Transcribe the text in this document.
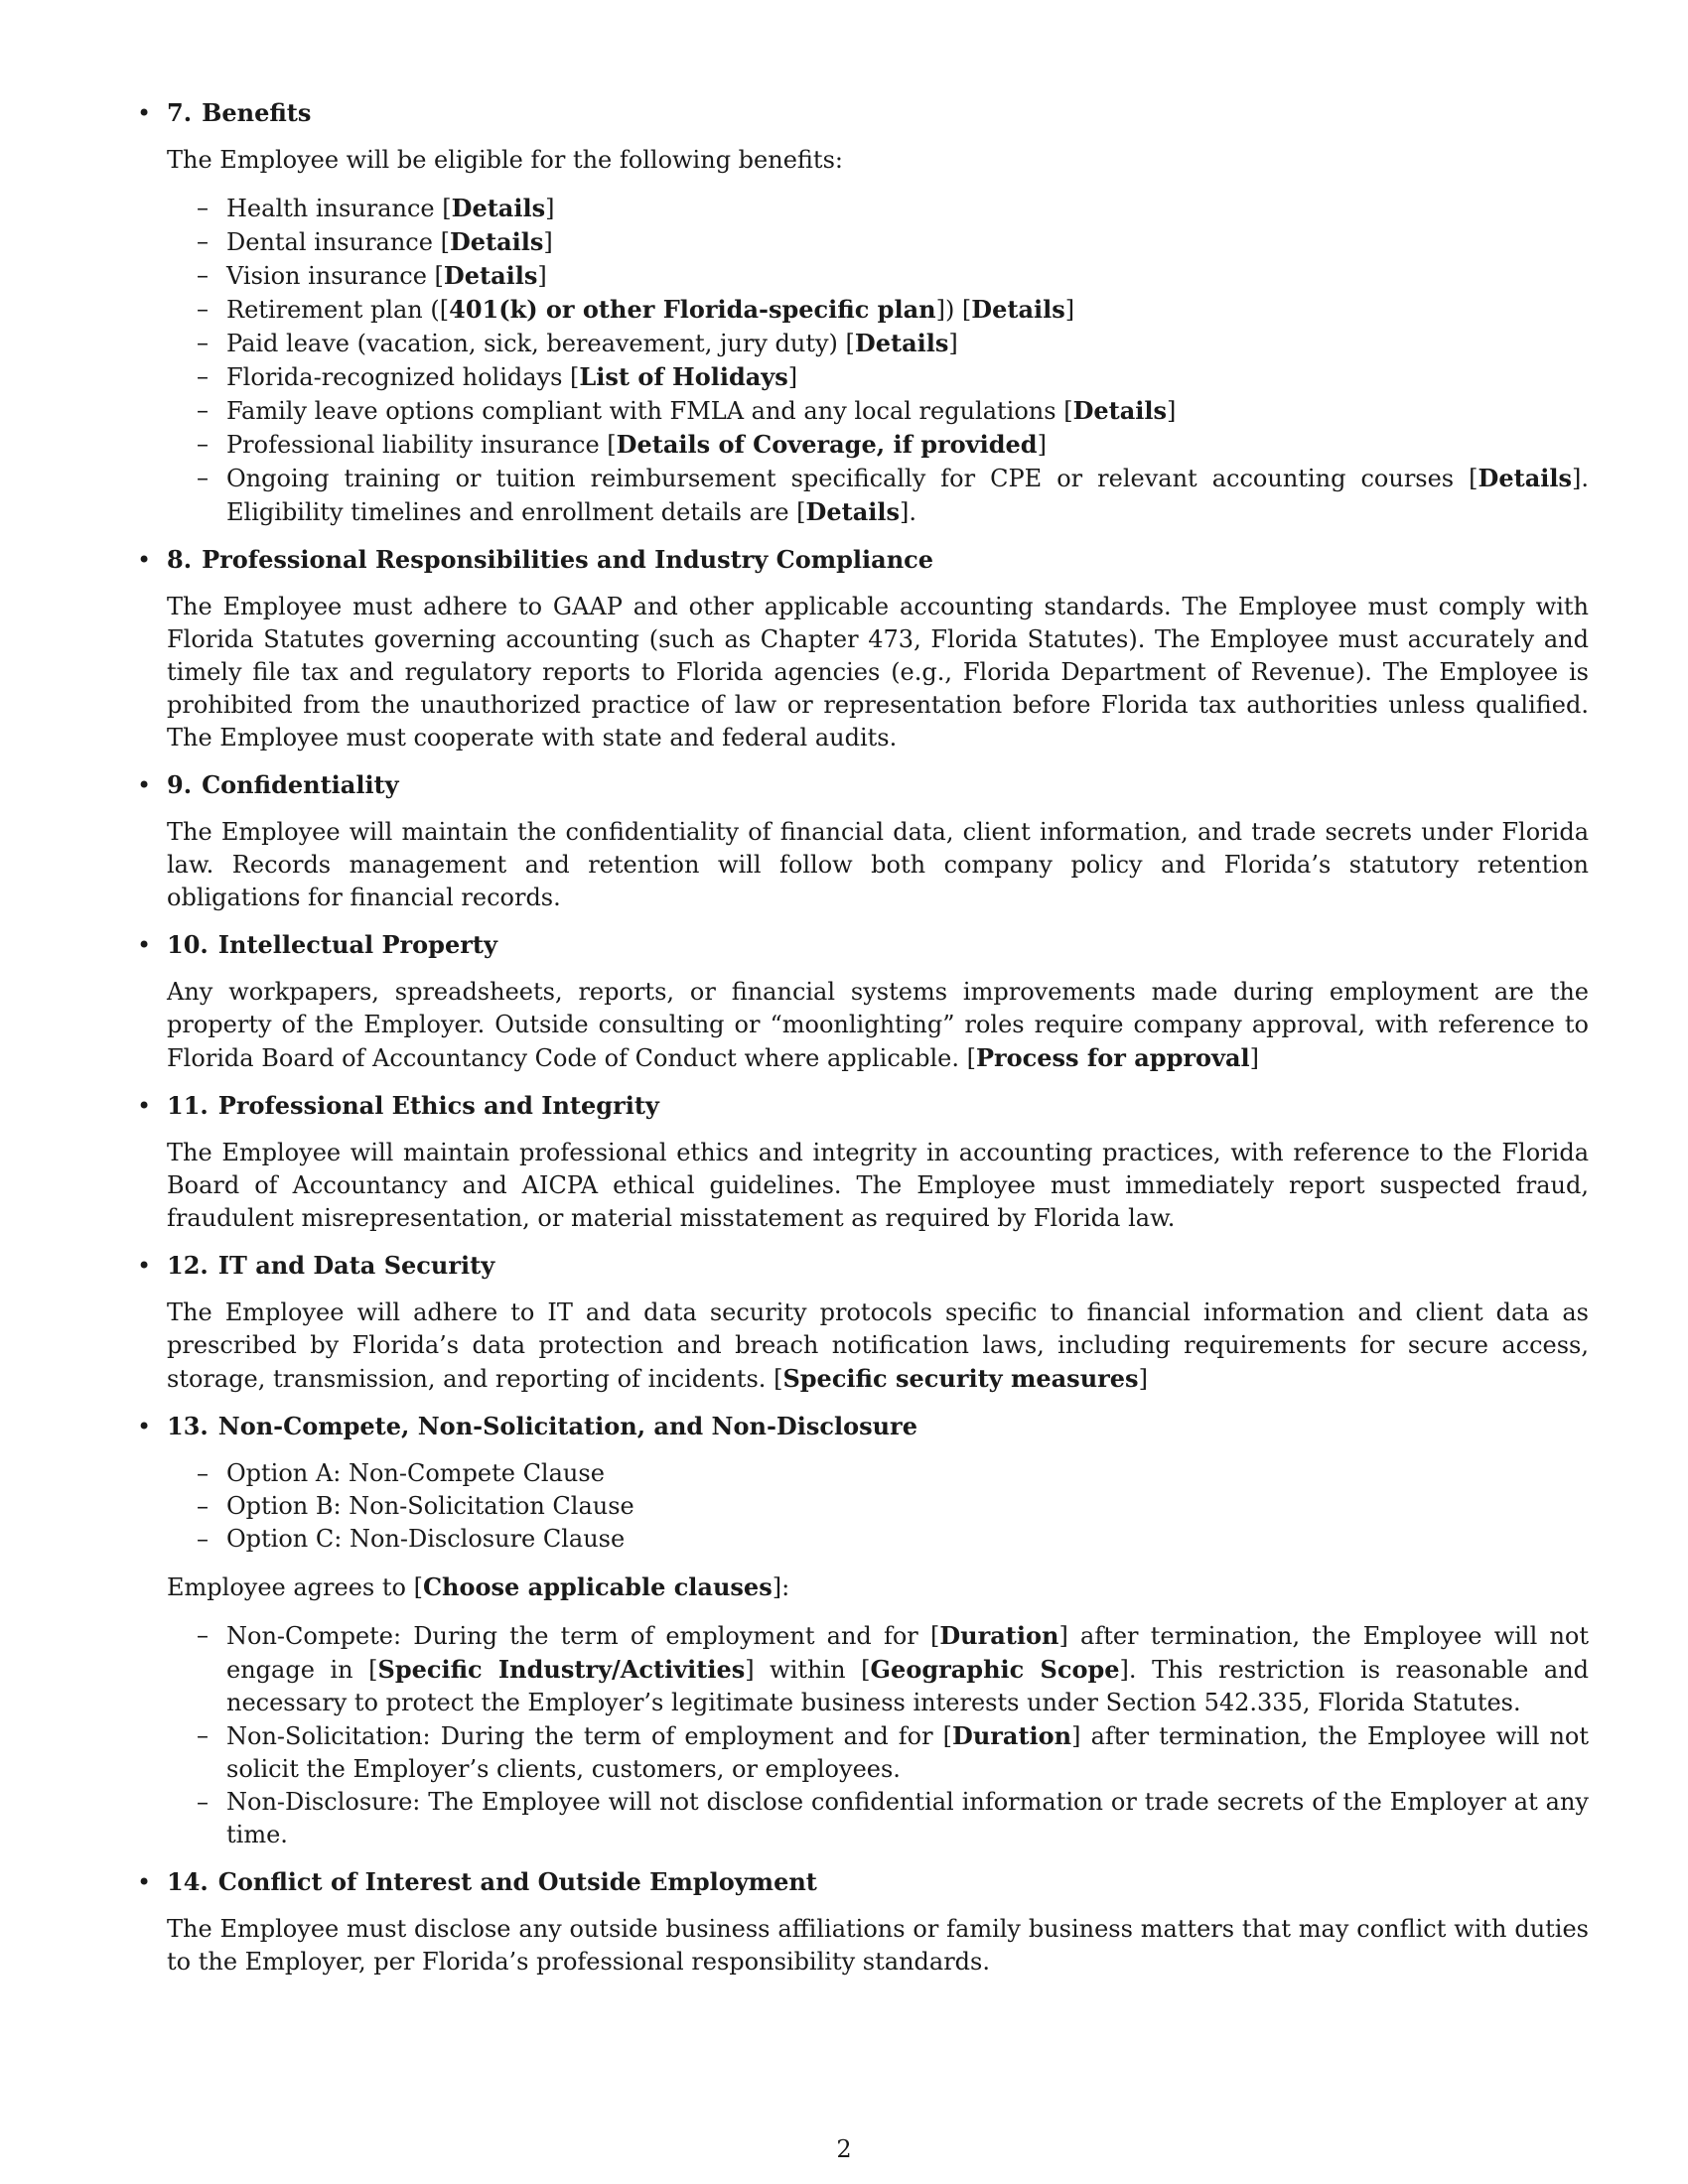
• 7. Benefits

The Employee will be eligible for the following benefits:

– Health insurance [Details]
– Dental insurance [Details]
– Vision insurance [Details]
– Retirement plan ([401(k) or other Florida-specific plan]) [Details]
– Paid leave (vacation, sick, bereavement, jury duty) [Details]
– Florida-recognized holidays [List of Holidays]
– Family leave options compliant with FMLA and any local regulations [Details]
– Professional liability insurance [Details of Coverage, if provided]
– Ongoing training or tuition reimbursement specifically for CPE or relevant accounting courses [Details]. Eligibility timelines and enrollment details are [Details].
• 8. Professional Responsibilities and Industry Compliance

The Employee must adhere to GAAP and other applicable accounting standards. The Employee must comply with Florida Statutes governing accounting (such as Chapter 473, Florida Statutes). The Employee must accurately and timely file tax and regulatory reports to Florida agencies (e.g., Florida Department of Revenue). The Employee is prohibited from the unauthorized practice of law or representation before Florida tax authorities unless qualified. The Employee must cooperate with state and federal audits.

• 9. Confidentiality

The Employee will maintain the confidentiality of financial data, client information, and trade secrets under Florida law. Records management and retention will follow both company policy and Florida’s statutory retention obligations for financial records.

• 10. Intellectual Property

Any workpapers, spreadsheets, reports, or financial systems improvements made during employment are the property of the Employer. Outside consulting or “moonlighting” roles require company approval, with reference to Florida Board of Accountancy Code of Conduct where applicable. [Process for approval]

• 11. Professional Ethics and Integrity

The Employee will maintain professional ethics and integrity in accounting practices, with reference to the Florida Board of Accountancy and AICPA ethical guidelines. The Employee must immediately report suspected fraud, fraudulent misrepresentation, or material misstatement as required by Florida law.

• 12. IT and Data Security

The Employee will adhere to IT and data security protocols specific to financial information and client data as prescribed by Florida’s data protection and breach notification laws, including requirements for secure access, storage, transmission, and reporting of incidents. [Specific security measures]

• 13. Non-Compete, Non-Solicitation, and Non-Disclosure
– Option A: Non-Compete Clause
– Option B: Non-Solicitation Clause
– Option C: Non-Disclosure Clause

Employee agrees to [Choose applicable clauses]:

– Non-Compete: During the term of employment and for [Duration] after termination, the Employee will not engage in [Specific Industry/Activities] within [Geographic Scope]. This restriction is reasonable and necessary to protect the Employer’s legitimate business interests under Section 542.335, Florida Statutes.
– Non-Solicitation: During the term of employment and for [Duration] after termination, the Employee will not solicit the Employer’s clients, customers, or employees.
– Non-Disclosure: The Employee will not disclose confidential information or trade secrets of the Employer at any time.
• 14. Conflict of Interest and Outside Employment

The Employee must disclose any outside business affiliations or family business matters that may conflict with duties to the Employer, per Florida’s professional responsibility standards.

2
